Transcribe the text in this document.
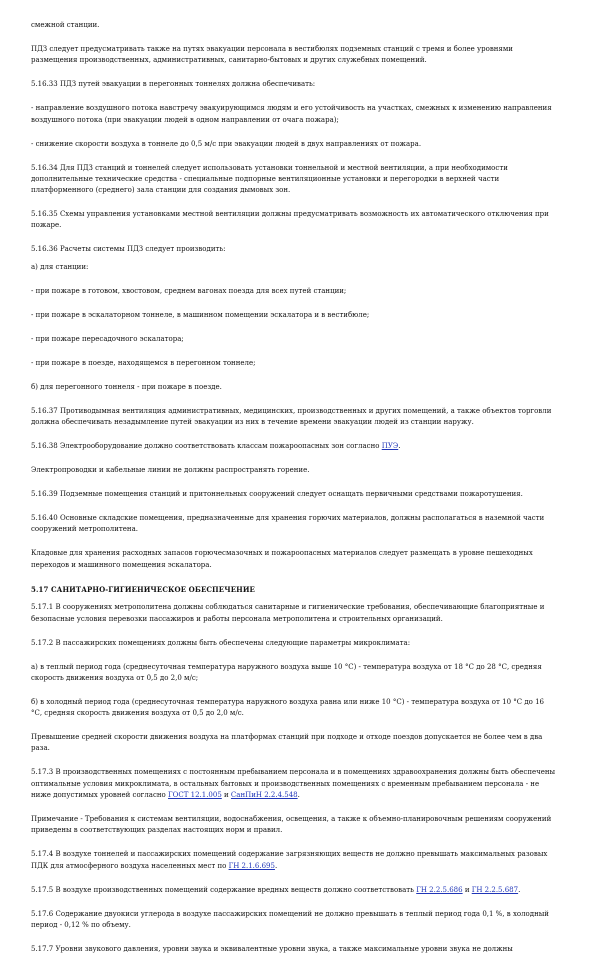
смежной станции.

ПДЗ следует предусматривать также на путях эвакуации персонала в вестибюлях подземных станций с тремя и более уровнями размещения производственных, административных, санитарно-бытовых и других служебных помещений.

5.16.33 ПДЗ путей эвакуации в перегонных тоннелях должна обеспечивать:

- направление воздушного потока навстречу эвакуирующимся людям и его устойчивость на участках, смежных к изменению направления воздушного потока (при эвакуации людей в одном направлении от очага пожара);

- снижение скорости воздуха в тоннеле до 0,5 м/с при эвакуации людей в двух направлениях от пожара.

5.16.34 Для ПДЗ станций и тоннелей следует использовать установки тоннельной и местной вентиляции, а при необходимости дополнительные технические средства - специальные подпорные вентиляционные установки и перегородки в верхней части платформенного (среднего) зала станции для создания дымовых зон.

5.16.35 Схемы управления установками местной вентиляции должны предусматривать возможность их автоматического отключения при пожаре.

5.16.36 Расчеты системы ПДЗ следует производить:

а) для станции:

- при пожаре в готовом, хвостовом, среднем вагонах поезда для всех путей станции;

- при пожаре в эскалаторном тоннеле, в машинном помещении эскалатора и в вестибюле;

- при пожаре пересадочного эскалатора;

- при пожаре в поезде, находящемся в перегонном тоннеле;

б) для перегонного тоннеля - при пожаре в поезде.

5.16.37 Противодымная вентиляция административных, медицинских, производственных и других помещений, а также объектов торговли должна обеспечивать незадымление путей эвакуации из них в течение времени эвакуации людей из станции наружу.

5.16.38 Электрооборудование должно соответствовать классам пожароопасных зон согласно ПУЭ.

Электропроводки и кабельные линии не должны распространять горение.

5.16.39 Подземные помещения станций и притоннельных сооружений следует оснащать первичными средствами пожаротушения.

5.16.40 Основные складские помещения, предназначенные для хранения горючих материалов, должны располагаться в наземной части сооружений метрополитена.

Кладовые для хранения расходных запасов горючесмазочных и пожароопасных материалов следует размещать в уровне пешеходных переходов и машинного помещения эскалатора.

5.17 САНИТАРНО-ГИГИЕНИЧЕСКОЕ ОБЕСПЕЧЕНИЕ

5.17.1 В сооружениях метрополитена должны соблюдаться санитарные и гигиенические требования, обеспечивающие благоприятные и безопасные условия перевозки пассажиров и работы персонала метрополитена и строительных организаций.

5.17.2 В пассажирских помещениях должны быть обеспечены следующие параметры микроклимата:

а) в теплый период года (среднесуточная температура наружного воздуха выше 10 °С) - температура воздуха от 18 °С до 28 °С, средняя скорость движения воздуха от 0,5 до 2,0 м/с;

б) в холодный период года (среднесуточная температура наружного воздуха равна или ниже 10 °С) - температура воздуха от 10 °С до 16 °С, средняя скорость движения воздуха от 0,5 до 2,0 м/с.

Превышение средней скорости движения воздуха на платформах станций при подходе и отходе поездов допускается не более чем в два раза.

5.17.3 В производственных помещениях с постоянным пребыванием персонала и в помещениях здравоохранения должны быть обеспечены оптимальные условия микроклимата, в остальных бытовых и производственных помещениях с временным пребыванием персонала - не ниже допустимых уровней согласно ГОСТ 12.1.005 и СанПиН 2.2.4.548.

Примечание - Требования к системам вентиляции, водоснабжения, освещения, а также к объемно-планировочным решениям сооружений приведены в соответствующих разделах настоящих норм и правил.

5.17.4 В воздухе тоннелей и пассажирских помещений содержание загрязняющих веществ не должно превышать максимальных разовых ПДК для атмосферного воздуха населенных мест по ГН 2.1.6.695.

5.17.5 В воздухе производственных помещений содержание вредных веществ должно соответствовать ГН 2.2.5.686 и ГН 2.2.5.687.

5.17.6 Содержание двуокиси углерода в воздухе пассажирских помещений не должно превышать в теплый период года 0,1 %, в холодный период - 0,12 % по объему.

5.17.7 Уровни звукового давления, уровни звука и эквивалентные уровни звука, а также максимальные уровни звука не должны
